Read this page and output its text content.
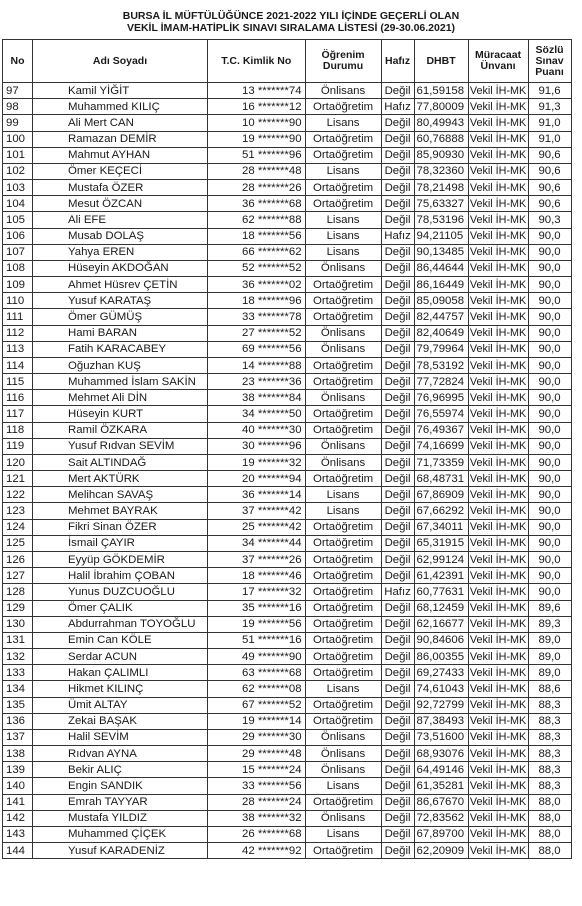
BURSA İL MÜFTÜLÜĞÜNCE 2021-2022 YILI İÇİNDE GEÇERLİ OLAN
VEKİL İMAM-HATİPLİK SINAVI SIRALAMA LİSTESİ (29-30.06.2021)
No	Adı Soyadı	T.C. Kimlik No	Öğrenim Durumu	Hafız	DHBT	Müracaat Ünvanı	Sözlü Sınav Puanı
97	Kamil YİĞİT	13 *******74	Önlisans	Değil	61,59158	Vekil İH-MK	91,6
98	Muhammed KILIÇ	16 *******12	Ortaöğretim	Hafız	77,80009	Vekil İH-MK	91,3
99	Ali Mert CAN	10 *******90	Lisans	Değil	80,49943	Vekil İH-MK	91,0
100	Ramazan DEMİR	19 *******90	Ortaöğretim	Değil	60,76888	Vekil İH-MK	91,0
101	Mahmut AYHAN	51 *******96	Ortaöğretim	Değil	85,90930	Vekil İH-MK	90,6
102	Ömer KEÇECİ	28 *******48	Lisans	Değil	78,32360	Vekil İH-MK	90,6
103	Mustafa ÖZER	28 *******26	Ortaöğretim	Değil	78,21498	Vekil İH-MK	90,6
104	Mesut ÖZCAN	36 *******68	Ortaöğretim	Değil	75,63327	Vekil İH-MK	90,6
105	Ali EFE	62 *******88	Lisans	Değil	78,53196	Vekil İH-MK	90,3
106	Musab DOLAŞ	18 *******56	Lisans	Hafız	94,21105	Vekil İH-MK	90,0
107	Yahya EREN	66 *******62	Lisans	Değil	90,13485	Vekil İH-MK	90,0
108	Hüseyin AKDOĞAN	52 *******52	Önlisans	Değil	86,44644	Vekil İH-MK	90,0
109	Ahmet Hüsrev ÇETİN	36 *******02	Ortaöğretim	Değil	86,16449	Vekil İH-MK	90,0
110	Yusuf KARATAŞ	18 *******96	Ortaöğretim	Değil	85,09058	Vekil İH-MK	90,0
111	Ömer GÜMÜŞ	33 *******78	Ortaöğretim	Değil	82,44757	Vekil İH-MK	90,0
112	Hami BARAN	27 *******52	Önlisans	Değil	82,40649	Vekil İH-MK	90,0
113	Fatih KARACABEY	69 *******56	Önlisans	Değil	79,79964	Vekil İH-MK	90,0
114	Oğuzhan KUŞ	14 *******88	Ortaöğretim	Değil	78,53192	Vekil İH-MK	90,0
115	Muhammed İslam SAKİN	23 *******36	Ortaöğretim	Değil	77,72824	Vekil İH-MK	90,0
116	Mehmet Ali DİN	38 *******84	Önlisans	Değil	76,96995	Vekil İH-MK	90,0
117	Hüseyin KURT	34 *******50	Ortaöğretim	Değil	76,55974	Vekil İH-MK	90,0
118	Ramil ÖZKARA	40 *******30	Ortaöğretim	Değil	76,49367	Vekil İH-MK	90,0
119	Yusuf Rıdvan SEVİM	30 *******96	Önlisans	Değil	74,16699	Vekil İH-MK	90,0
120	Sait ALTINDAĞ	19 *******32	Önlisans	Değil	71,73359	Vekil İH-MK	90,0
121	Mert AKTÜRK	20 *******94	Ortaöğretim	Değil	68,48731	Vekil İH-MK	90,0
122	Melihcan SAVAŞ	36 *******14	Lisans	Değil	67,86909	Vekil İH-MK	90,0
123	Mehmet BAYRAK	37 *******42	Lisans	Değil	67,66292	Vekil İH-MK	90,0
124	Fikri Sinan ÖZER	25 *******42	Ortaöğretim	Değil	67,34011	Vekil İH-MK	90,0
125	İsmail ÇAYIR	34 *******44	Ortaöğretim	Değil	65,31915	Vekil İH-MK	90,0
126	Eyyüp GÖKDEMİR	37 *******26	Ortaöğretim	Değil	62,99124	Vekil İH-MK	90,0
127	Halil İbrahim ÇOBAN	18 *******46	Ortaöğretim	Değil	61,42391	Vekil İH-MK	90,0
128	Yunus DUZCUOĞLU	17 *******32	Ortaöğretim	Hafız	60,77631	Vekil İH-MK	90,0
129	Ömer ÇALIK	35 *******16	Ortaöğretim	Değil	68,12459	Vekil İH-MK	89,6
130	Abdurrahman TOYOĞLU	19 *******56	Ortaöğretim	Değil	62,16677	Vekil İH-MK	89,3
131	Emin Can KÖLE	51 *******16	Ortaöğretim	Değil	90,84606	Vekil İH-MK	89,0
132	Serdar ACUN	49 *******90	Ortaöğretim	Değil	86,00355	Vekil İH-MK	89,0
133	Hakan ÇALIMLI	63 *******68	Ortaöğretim	Değil	69,27433	Vekil İH-MK	89,0
134	Hikmet KILINÇ	62 *******08	Lisans	Değil	74,61043	Vekil İH-MK	88,6
135	Ümit ALTAY	67 *******52	Ortaöğretim	Değil	92,72799	Vekil İH-MK	88,3
136	Zekai BAŞAK	19 *******14	Ortaöğretim	Değil	87,38493	Vekil İH-MK	88,3
137	Halil SEVİM	29 *******30	Önlisans	Değil	73,51600	Vekil İH-MK	88,3
138	Rıdvan AYNA	29 *******48	Önlisans	Değil	68,93076	Vekil İH-MK	88,3
139	Bekir ALIÇ	15 *******24	Önlisans	Değil	64,49146	Vekil İH-MK	88,3
140	Engin SANDIK	33 *******56	Lisans	Değil	61,35281	Vekil İH-MK	88,3
141	Emrah TAYYAR	28 *******24	Ortaöğretim	Değil	86,67670	Vekil İH-MK	88,0
142	Mustafa YILDIZ	38 *******32	Önlisans	Değil	72,83562	Vekil İH-MK	88,0
143	Muhammed ÇİÇEK	26 *******68	Lisans	Değil	67,89700	Vekil İH-MK	88,0
144	Yusuf KARADENİZ	42 *******92	Ortaöğretim	Değil	62,20909	Vekil İH-MK	88,0
